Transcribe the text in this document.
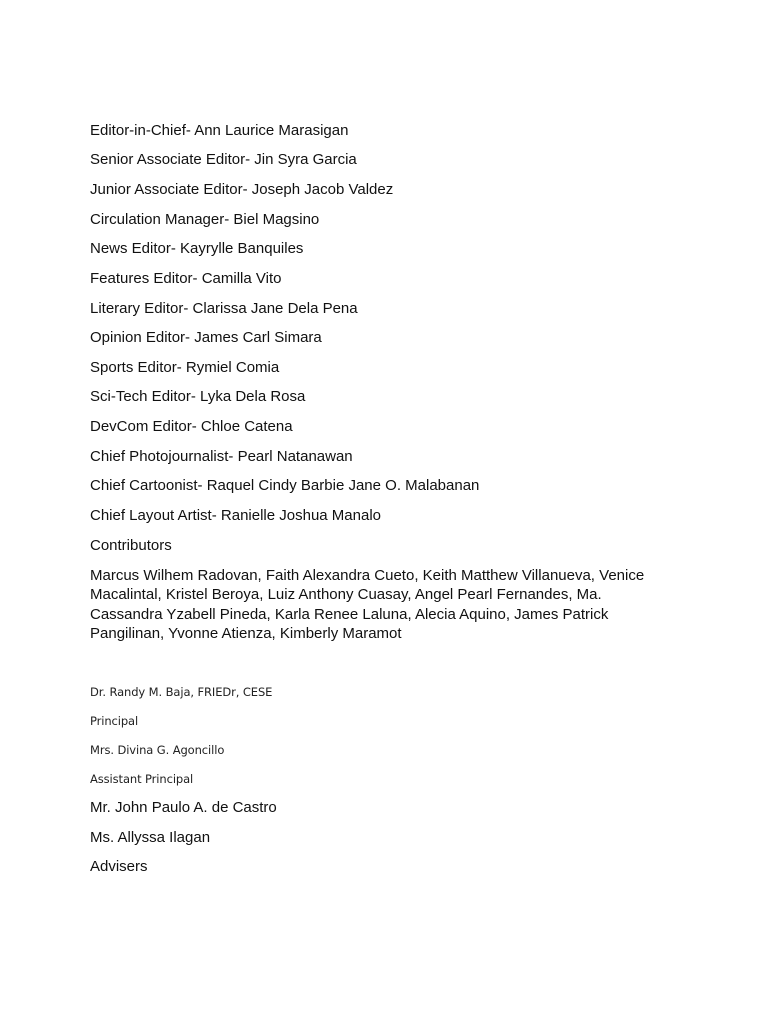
Editor-in-Chief- Ann Laurice Marasigan
Senior Associate Editor- Jin Syra Garcia
Junior Associate Editor- Joseph Jacob Valdez
Circulation Manager- Biel Magsino
News Editor- Kayrylle Banquiles
Features Editor- Camilla Vito
Literary Editor- Clarissa Jane Dela Pena
Opinion Editor- James Carl Simara
Sports Editor- Rymiel Comia
Sci-Tech Editor- Lyka Dela Rosa
DevCom Editor- Chloe Catena
Chief Photojournalist- Pearl Natanawan
Chief Cartoonist- Raquel Cindy Barbie Jane O. Malabanan
Chief Layout Artist- Ranielle Joshua Manalo
Contributors
Marcus Wilhem Radovan, Faith Alexandra Cueto, Keith Matthew Villanueva, Venice Macalintal, Kristel Beroya, Luiz Anthony Cuasay, Angel Pearl Fernandes, Ma. Cassandra Yzabell Pineda, Karla Renee Laluna, Alecia Aquino, James Patrick Pangilinan, Yvonne Atienza, Kimberly Maramot
Dr. Randy M. Baja, FRIEDr, CESE
Principal
Mrs. Divina G. Agoncillo
Assistant Principal
Mr. John Paulo A. de Castro
Ms. Allyssa Ilagan
Advisers
